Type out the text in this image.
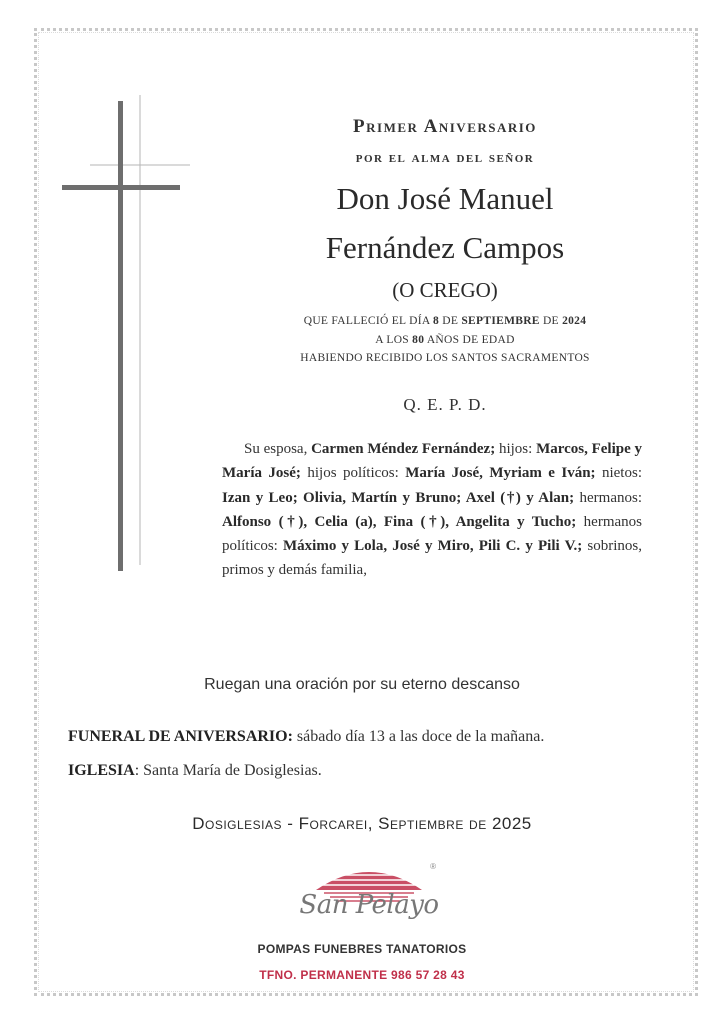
Primer Aniversario
por el alma del señor
Don José Manuel
Fernández Campos
(O CREGO)
QUE FALLECIÓ EL DÍA 8 DE SEPTIEMBRE DE 2024
A LOS 80 AÑOS DE EDAD
HABIENDO RECIBIDO LOS SANTOS SACRAMENTOS
Q. E. P. D.
Su esposa, Carmen Méndez Fernández; hijos: Marcos, Felipe y María José; hijos políticos: María José, Myriam e Iván; nietos: Izan y Leo; Olivia, Martín y Bruno; Axel (†) y Alan; hermanos: Alfonso (†), Celia (a), Fina (†), Angelita y Tucho; hermanos políticos: Máximo y Lola, José y Miro, Pili C. y Pili V.; sobrinos, primos y demás familia,
Ruegan una oración por su eterno descanso
FUNERAL DE ANIVERSARIO: sábado día 13 a las doce de la mañana.
IGLESIA: Santa María de Dosiglesias.
Dosiglesias - Forcarei, Septiembre de 2025
San Pelayo
®
POMPAS FUNEBRES TANATORIOS
TFNO. PERMANENTE 986 57 28 43
